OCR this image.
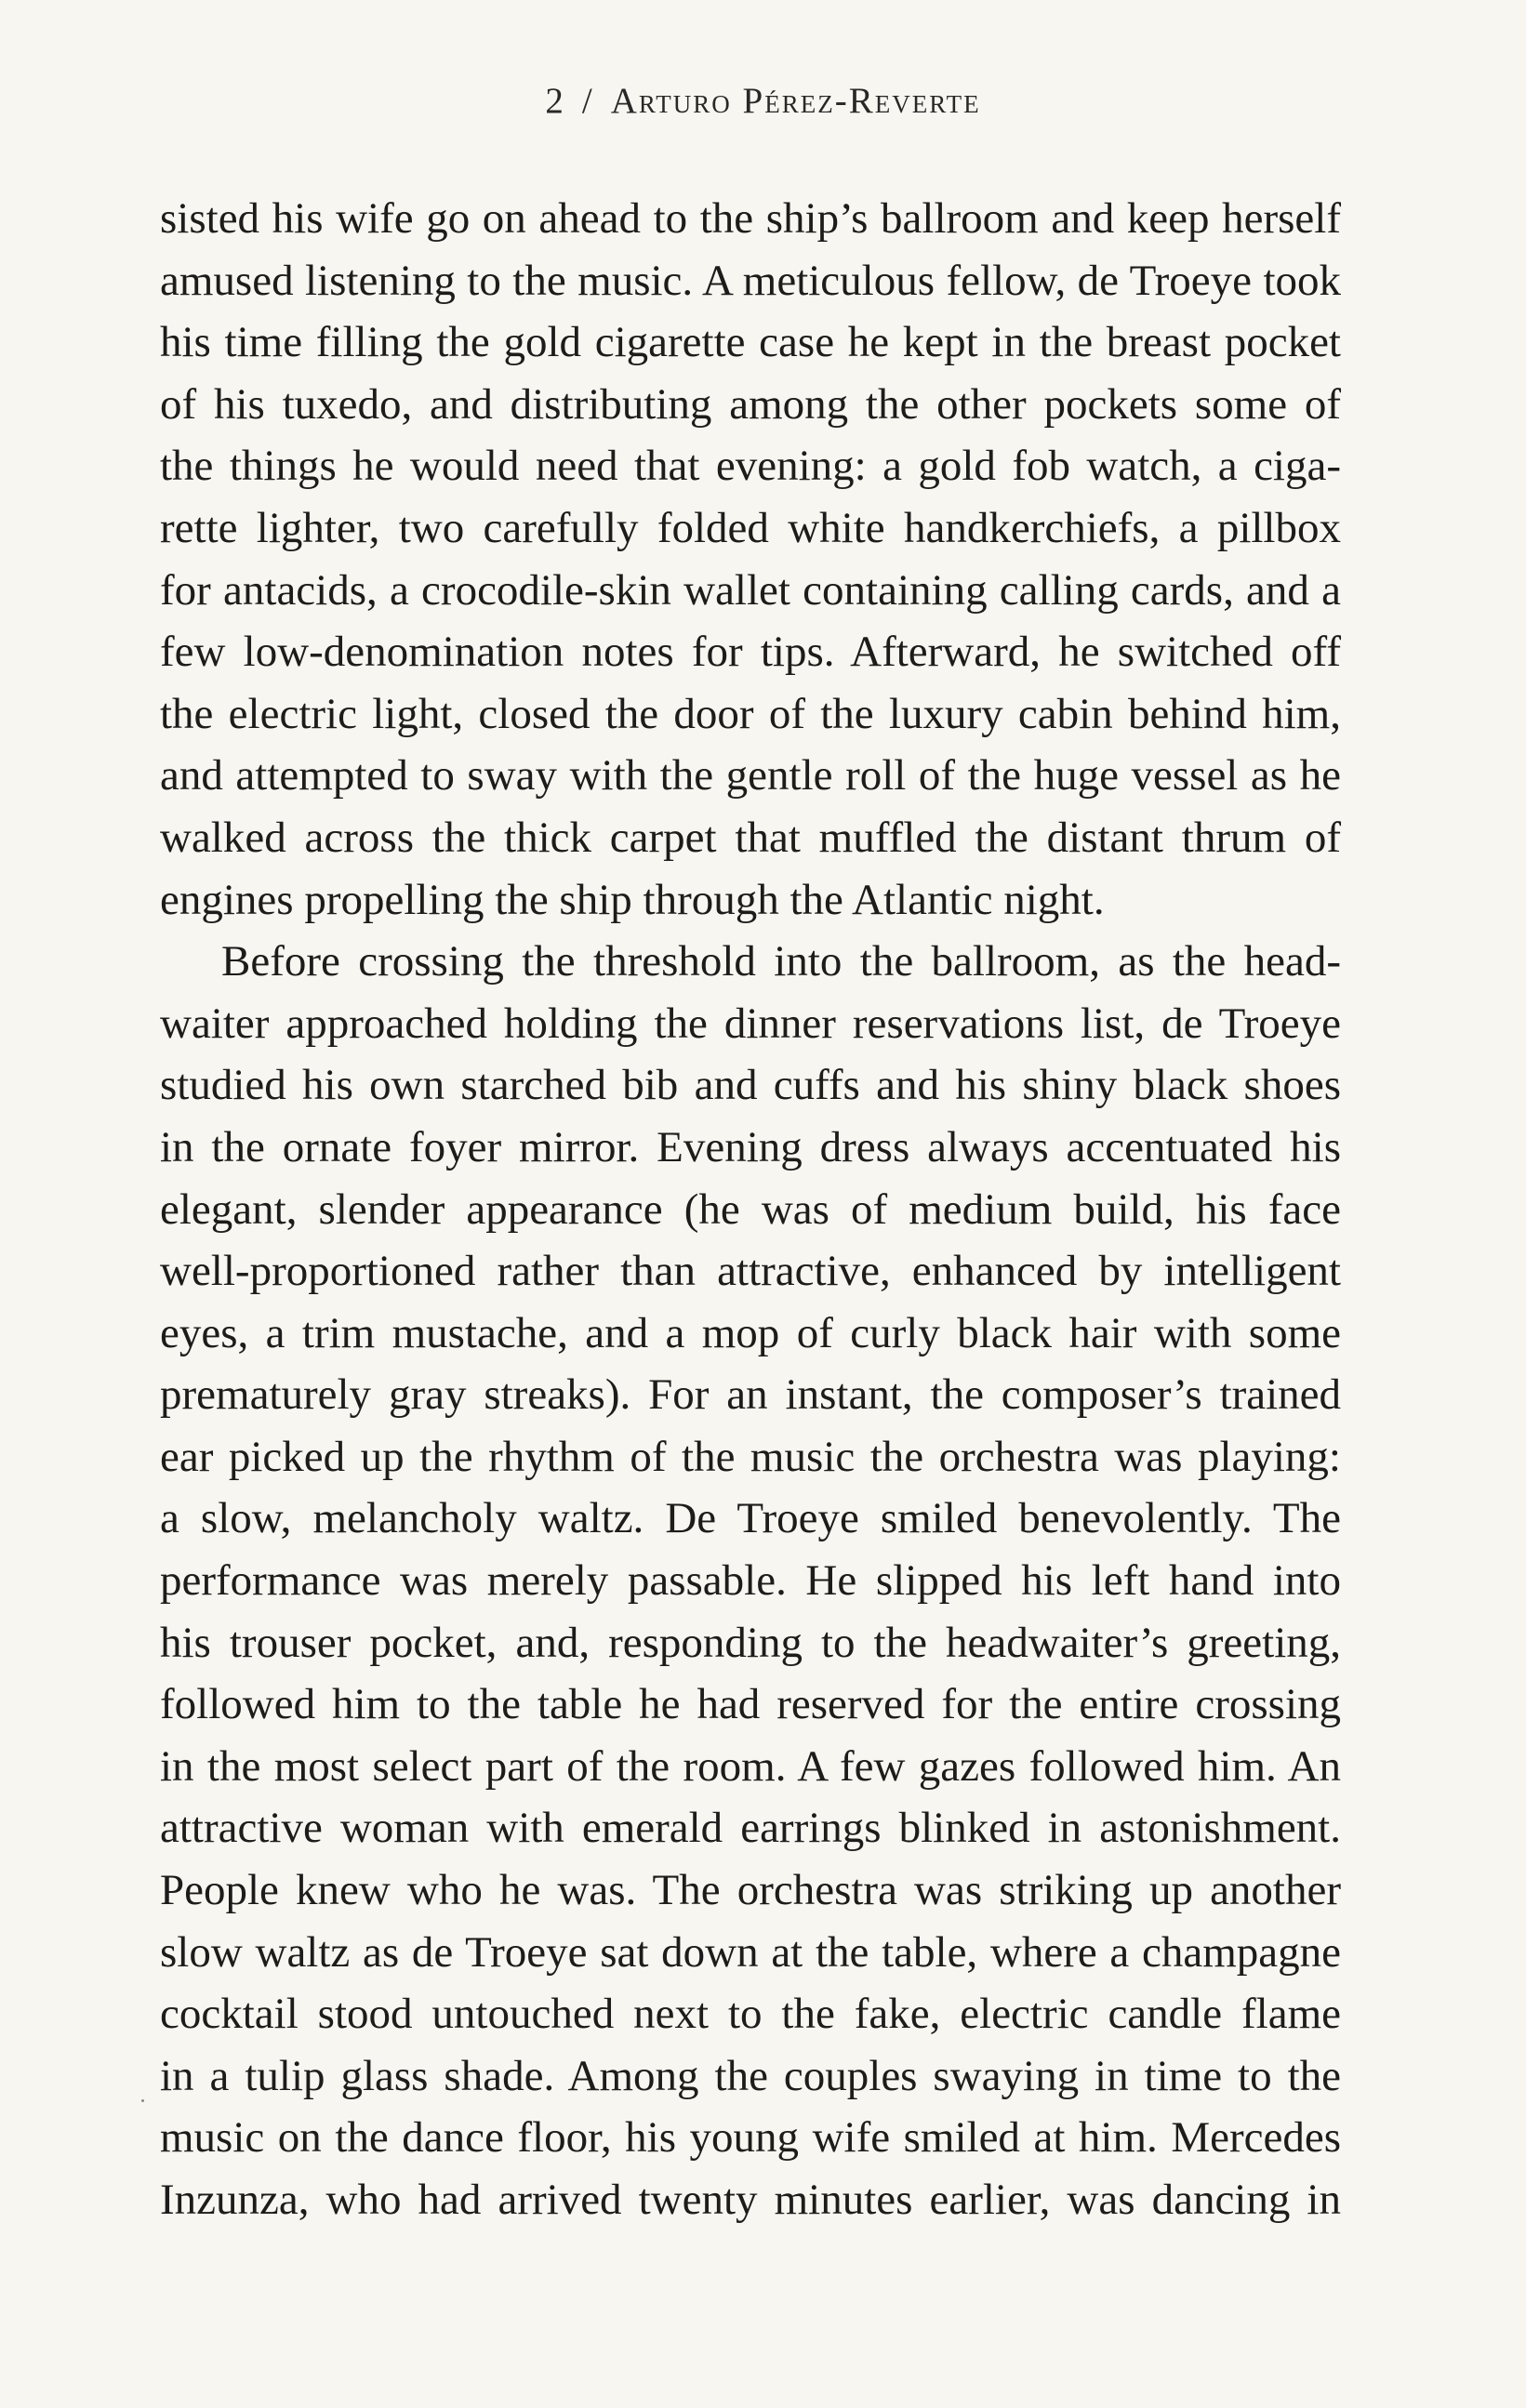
2 / Arturo Pérez-Reverte
sisted his wife go on ahead to the ship’s ballroom and keep herself
amused listening to the music. A meticulous fellow, de Troeye took
his time filling the gold cigarette case he kept in the breast pocket
of his tuxedo, and distributing among the other pockets some of
the things he would need that evening: a gold fob watch, a ciga-
rette lighter, two carefully folded white handkerchiefs, a pillbox
for antacids, a crocodile-skin wallet containing calling cards, and a
few low-denomination notes for tips. Afterward, he switched off
the electric light, closed the door of the luxury cabin behind him,
and attempted to sway with the gentle roll of the huge vessel as he
walked across the thick carpet that muffled the distant thrum of
engines propelling the ship through the Atlantic night.
Before crossing the threshold into the ballroom, as the head-
waiter approached holding the dinner reservations list, de Troeye
studied his own starched bib and cuffs and his shiny black shoes
in the ornate foyer mirror. Evening dress always accentuated his
elegant, slender appearance (he was of medium build, his face
well-proportioned rather than attractive, enhanced by intelligent
eyes, a trim mustache, and a mop of curly black hair with some
prematurely gray streaks). For an instant, the composer’s trained
ear picked up the rhythm of the music the orchestra was playing:
a slow, melancholy waltz. De Troeye smiled benevolently. The
performance was merely passable. He slipped his left hand into
his trouser pocket, and, responding to the headwaiter’s greeting,
followed him to the table he had reserved for the entire crossing
in the most select part of the room. A few gazes followed him. An
attractive woman with emerald earrings blinked in astonishment.
People knew who he was. The orchestra was striking up another
slow waltz as de Troeye sat down at the table, where a champagne
cocktail stood untouched next to the fake, electric candle flame
in a tulip glass shade. Among the couples swaying in time to the
music on the dance floor, his young wife smiled at him. Mercedes
Inzunza, who had arrived twenty minutes earlier, was dancing in
